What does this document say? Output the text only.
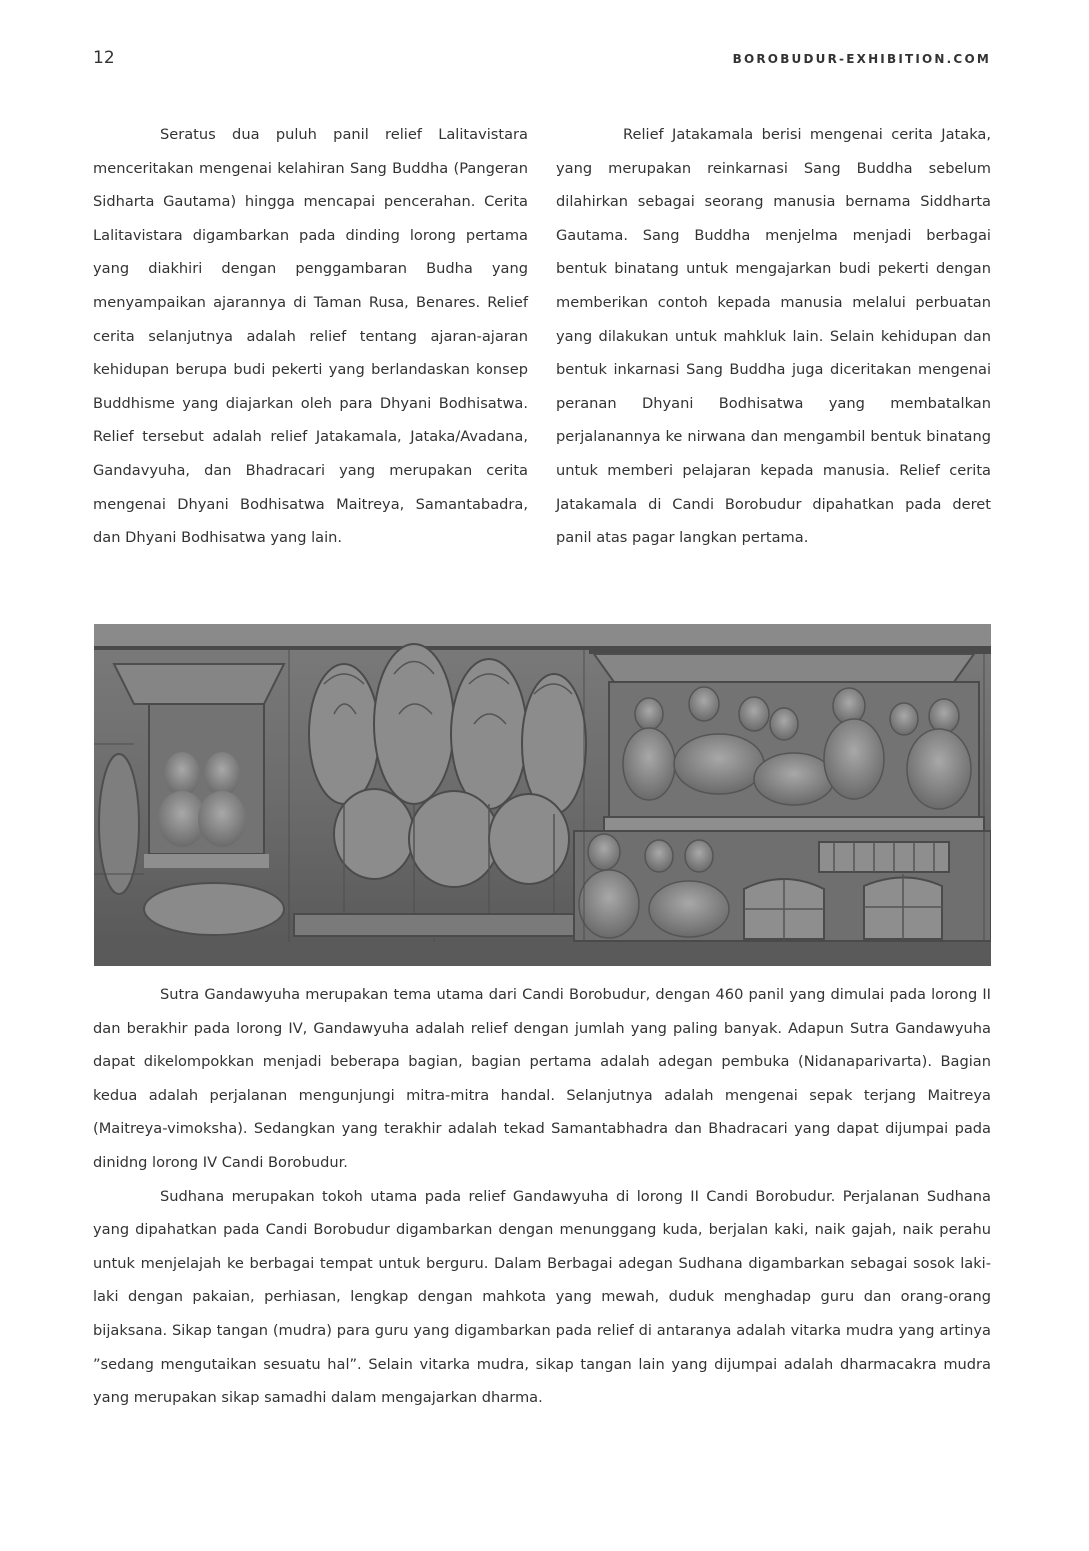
12	BOROBUDUR-EXHIBITION.COM

Seratus dua puluh panil relief Lalitavistara menceritakan mengenai kelahiran Sang Buddha (Pangeran Sidharta Gautama) hingga mencapai pencerahan. Cerita Lalitavistara digambarkan pada dinding lorong pertama yang diakhiri dengan penggambaran Budha yang menyampaikan ajarannya di Taman Rusa, Benares. Relief cerita selanjutnya adalah relief tentang ajaran-ajaran kehidupan berupa budi pekerti yang berlandaskan konsep Buddhisme yang diajarkan oleh para Dhyani Bodhisatwa. Relief tersebut adalah relief Jatakamala, Jataka/Avadana, Gandavyuha, dan Bhadracari yang merupakan cerita mengenai Dhyani Bodhisatwa Maitreya, Samantabadra, dan Dhyani Bodhisatwa yang lain.

Relief Jatakamala berisi mengenai cerita Jataka, yang merupakan reinkarnasi Sang Buddha sebelum dilahirkan sebagai seorang manusia bernama Siddharta Gautama. Sang Buddha menjelma menjadi berbagai bentuk binatang untuk mengajarkan budi pekerti dengan memberikan contoh kepada manusia melalui perbuatan yang dilakukan untuk mahkluk lain. Selain kehidupan dan bentuk inkarnasi Sang Buddha juga diceritakan mengenai peranan Dhyani Bodhisatwa yang membatalkan perjalanannya ke nirwana dan mengambil bentuk binatang untuk memberi pelajaran kepada manusia. Relief cerita Jatakamala di Candi Borobudur dipahatkan pada deret panil atas pagar langkan pertama.

Sutra Gandawyuha merupakan tema utama dari Candi Borobudur, dengan 460 panil yang dimulai pada lorong II dan berakhir pada lorong IV, Gandawyuha adalah relief dengan jumlah yang paling banyak. Adapun Sutra Gandawyuha dapat dikelompokkan menjadi beberapa bagian, bagian pertama adalah adegan pembuka (Nidanaparivarta). Bagian kedua adalah perjalanan mengunjungi mitra-mitra handal. Selanjutnya adalah mengenai sepak terjang Maitreya (Maitreya-vimoksha). Sedangkan yang terakhir adalah tekad Samantabhadra dan Bhadracari yang dapat dijumpai pada dinidng lorong IV Candi Borobudur.

Sudhana merupakan tokoh utama pada relief Gandawyuha di lorong II Candi Borobudur. Perjalanan Sudhana yang dipahatkan pada Candi Borobudur digambarkan dengan menunggang kuda, berjalan kaki, naik gajah, naik perahu untuk menjelajah ke berbagai tempat untuk berguru. Dalam Berbagai adegan Sudhana digambarkan sebagai sosok laki-laki dengan pakaian, perhiasan, lengkap dengan mahkota yang mewah, duduk menghadap guru dan orang-orang bijaksana. Sikap tangan (mudra) para guru yang digambarkan pada relief di antaranya adalah vitarka mudra yang artinya ”sedang mengutaikan sesuatu hal”. Selain vitarka mudra, sikap tangan lain yang dijumpai adalah dharmacakra mudra yang merupakan sikap samadhi dalam mengajarkan dharma.
